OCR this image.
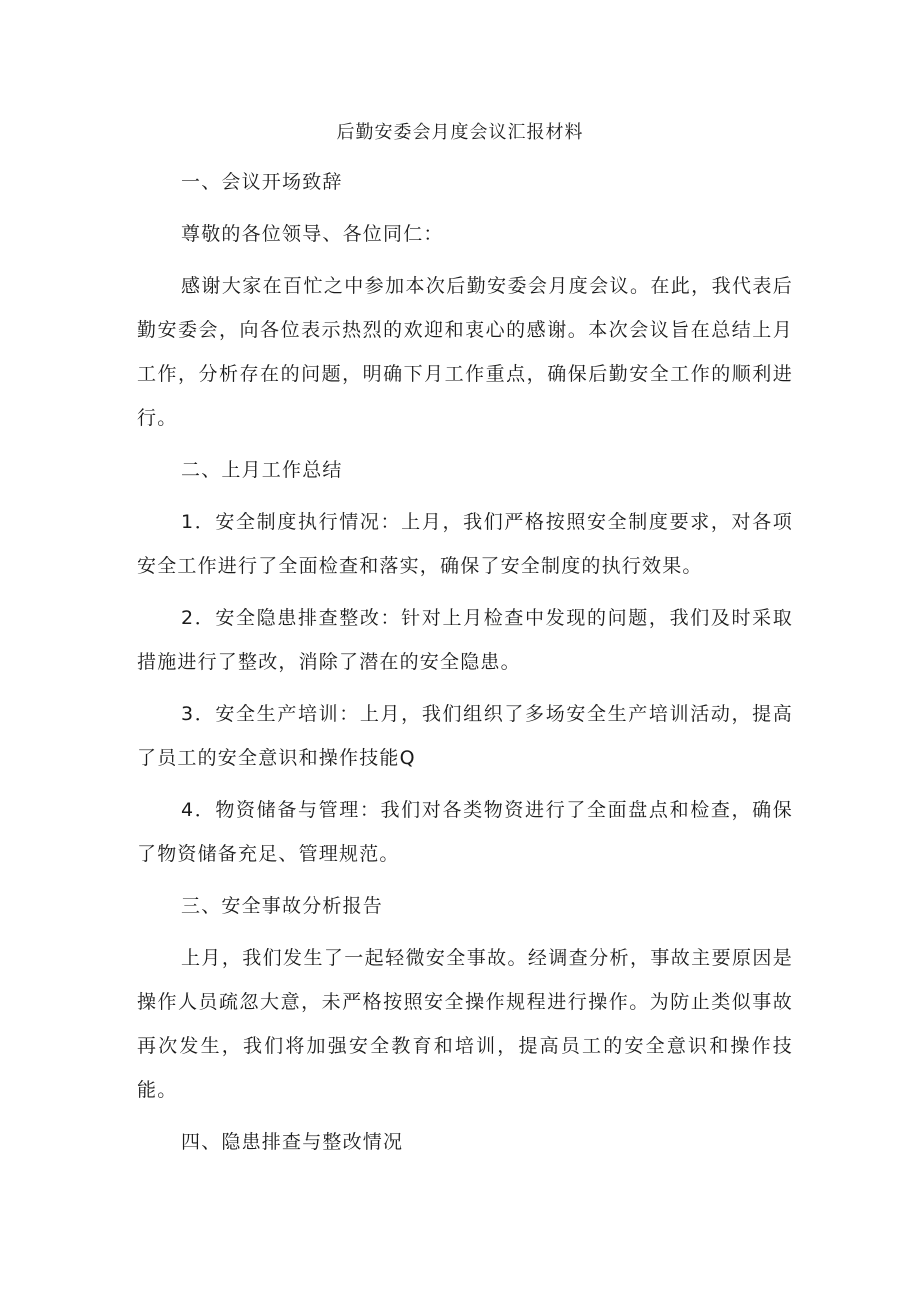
后勤安委会月度会议汇报材料

一、会议开场致辞

尊敬的各位领导、各位同仁：

感谢大家在百忙之中参加本次后勤安委会月度会议。在此，我代表后勤安委会，向各位表示热烈的欢迎和衷心的感谢。本次会议旨在总结上月工作，分析存在的问题，明确下月工作重点，确保后勤安全工作的顺利进行。

二、上月工作总结

1．安全制度执行情况：上月，我们严格按照安全制度要求，对各项安全工作进行了全面检查和落实，确保了安全制度的执行效果。

2．安全隐患排查整改：针对上月检查中发现的问题，我们及时采取措施进行了整改，消除了潜在的安全隐患。

3．安全生产培训：上月，我们组织了多场安全生产培训活动，提高了员工的安全意识和操作技能Q

4．物资储备与管理：我们对各类物资进行了全面盘点和检查，确保了物资储备充足、管理规范。

三、安全事故分析报告

上月，我们发生了一起轻微安全事故。经调查分析，事故主要原因是操作人员疏忽大意，未严格按照安全操作规程进行操作。为防止类似事故再次发生，我们将加强安全教育和培训，提高员工的安全意识和操作技能。

四、隐患排查与整改情况
